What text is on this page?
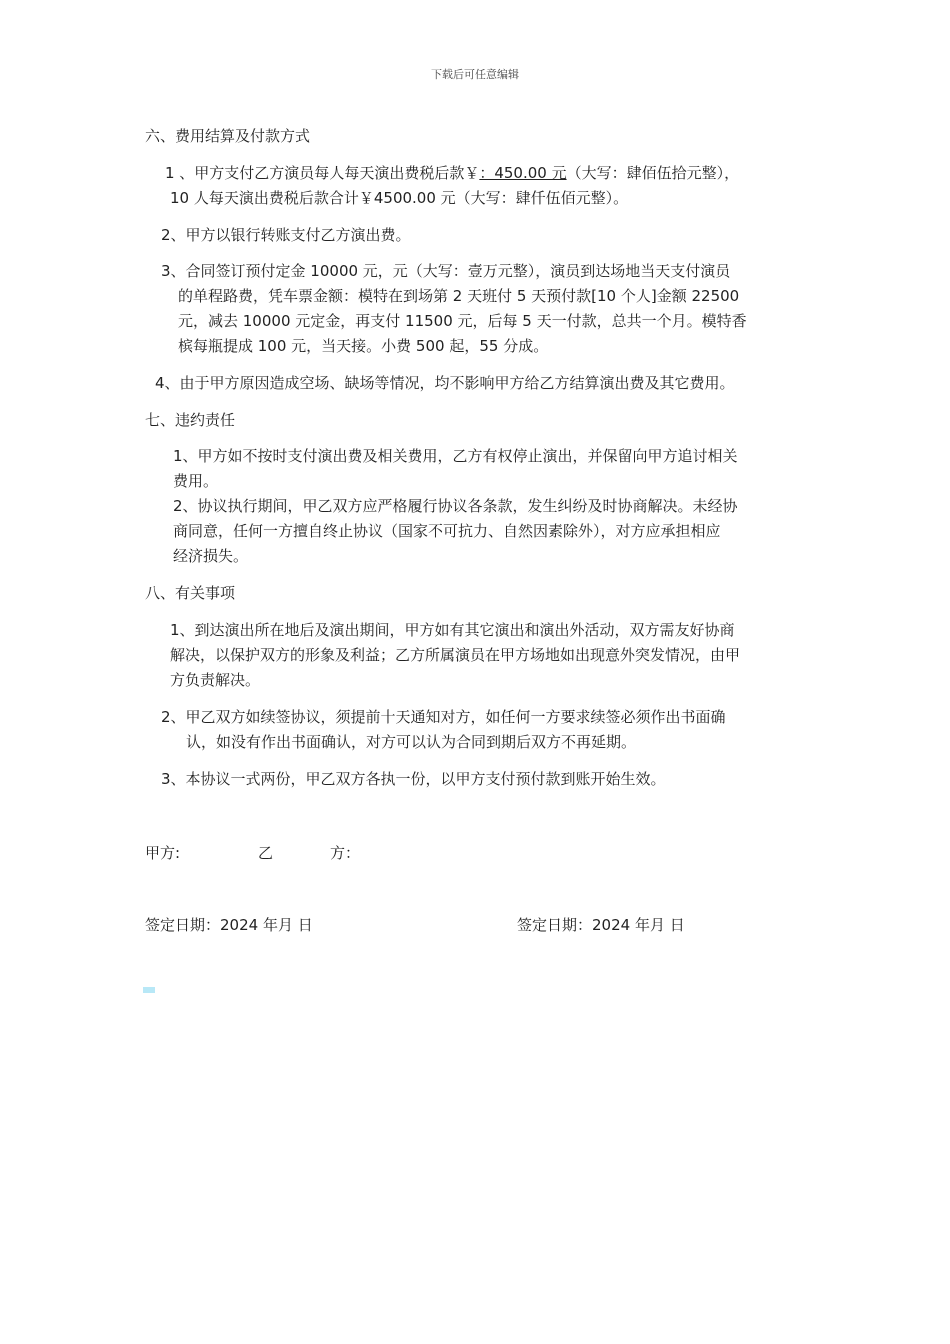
下载后可任意编辑
六、费用结算及付款方式
1 、甲方支付乙方演员每人每天演出费税后款￥：450.00 元（大写：肆佰伍拾元整），
10 人每天演出费税后款合计￥4500.00 元（大写：肆仟伍佰元整）。
2、甲方以银行转账支付乙方演出费。
3、合同签订预付定金 10000 元，元（大写：壹万元整），演员到达场地当天支付演员
的单程路费，凭车票金额：模特在到场第 2 天班付 5 天预付款[10 个人]金额 22500
元，减去 10000 元定金，再支付 11500 元，后每 5 天一付款，总共一个月。模特香
槟每瓶提成 100 元，当天接。小费 500 起，55 分成。
4、由于甲方原因造成空场、缺场等情况，均不影响甲方给乙方结算演出费及其它费用。
七、违约责任
1、甲方如不按时支付演出费及相关费用，乙方有权停止演出，并保留向甲方追讨相关
费用。
2、协议执行期间，甲乙双方应严格履行协议各条款，发生纠纷及时协商解决。未经协
商同意，任何一方擅自终止协议（国家不可抗力、自然因素除外），对方应承担相应
经济损失。
八、有关事项
1、到达演出所在地后及演出期间，甲方如有其它演出和演出外活动，双方需友好协商
解决，以保护双方的形象及利益；乙方所属演员在甲方场地如出现意外突发情况，由甲
方负责解决。
2、甲乙双方如续签协议，须提前十天通知对方，如任何一方要求续签必须作出书面确
认，如没有作出书面确认，对方可以认为合同到期后双方不再延期。
3、本协议一式两份，甲乙双方各执一份，以甲方支付预付款到账开始生效。
甲方:	乙	方：
签定日期：2024 年月 日	签定日期：2024 年月 日
